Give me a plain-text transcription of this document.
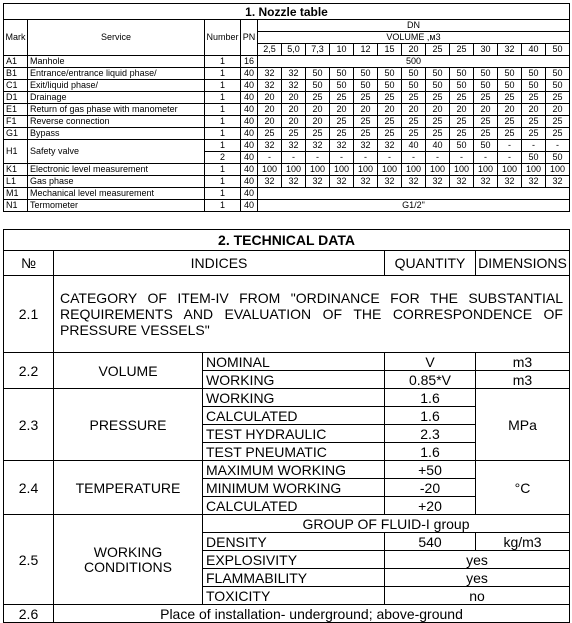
1. Nozzle table																
Mark	Service	Number	PN	DN												
				VOLUME ,м3												
				2,5	5,0	7,3	10	12	15	20	25	25	30	32	40	50
A1	Manhole	1	16	500												
B1	Entrance/entrance liquid phase/	1	40	32	32	50	50	50	50	50	50	50	50	50	50	50
C1	Exit/liquid phase/	1	40	32	32	50	50	50	50	50	50	50	50	50	50	50
D1	Drainage	1	40	20	20	25	25	25	25	25	25	25	25	25	25	25
E1	Return of gas phase with manometer	1	40	20	20	20	20	20	20	20	20	20	20	20	20	20
F1	Reverse connection	1	40	20	20	20	25	25	25	25	25	25	25	25	25	25
G1	Bypass	1	40	25	25	25	25	25	25	25	25	25	25	25	25	25
H1	Safety valve	1	40	32	32	32	32	32	32	40	40	50	50	-	-	-
		2	40	-	-	-	-	-	-	-	-	-	-	-	50	50
K1	Electronic level measurement	1	40	100	100	100	100	100	100	100	100	100	100	100	100	100
L1	Gas phase	1	40	32	32	32	32	32	32	32	32	32	32	32	32	32
M1	Mechanical level measurement	1	40													
N1	Termometer	1	40	G1/2"												
2. TECHNICAL DATA				
№	INDICES		QUANTITY	DIMENSIONS
2.1	CATEGORY OF ITEM-IV FROM "ORDINANCE FOR THE SUBSTANTIAL REQUIREMENTS AND EVALUATION OF THE CORRESPONDENCE OF PRESSURE VESSELS"			
2.2	VOLUME	NOMINAL	V	m3
		WORKING	0.85*V	m3
2.3	PRESSURE	WORKING	1.6	MPa
		CALCULATED	1.6	
		TEST HYDRAULIC	2.3	
		TEST PNEUMATIC	1.6	
2.4	TEMPERATURE	MAXIMUM WORKING	+50	°C
		MINIMUM WORKING	-20	
		CALCULATED	+20	
2.5	WORKING CONDITIONS	GROUP OF FLUID-I group		
		DENSITY	540	kg/m3
		EXPLOSIVITY	yes	
		FLAMMABILITY	yes	
		TOXICITY	no	
2.6	Place of installation- underground; above-ground			
